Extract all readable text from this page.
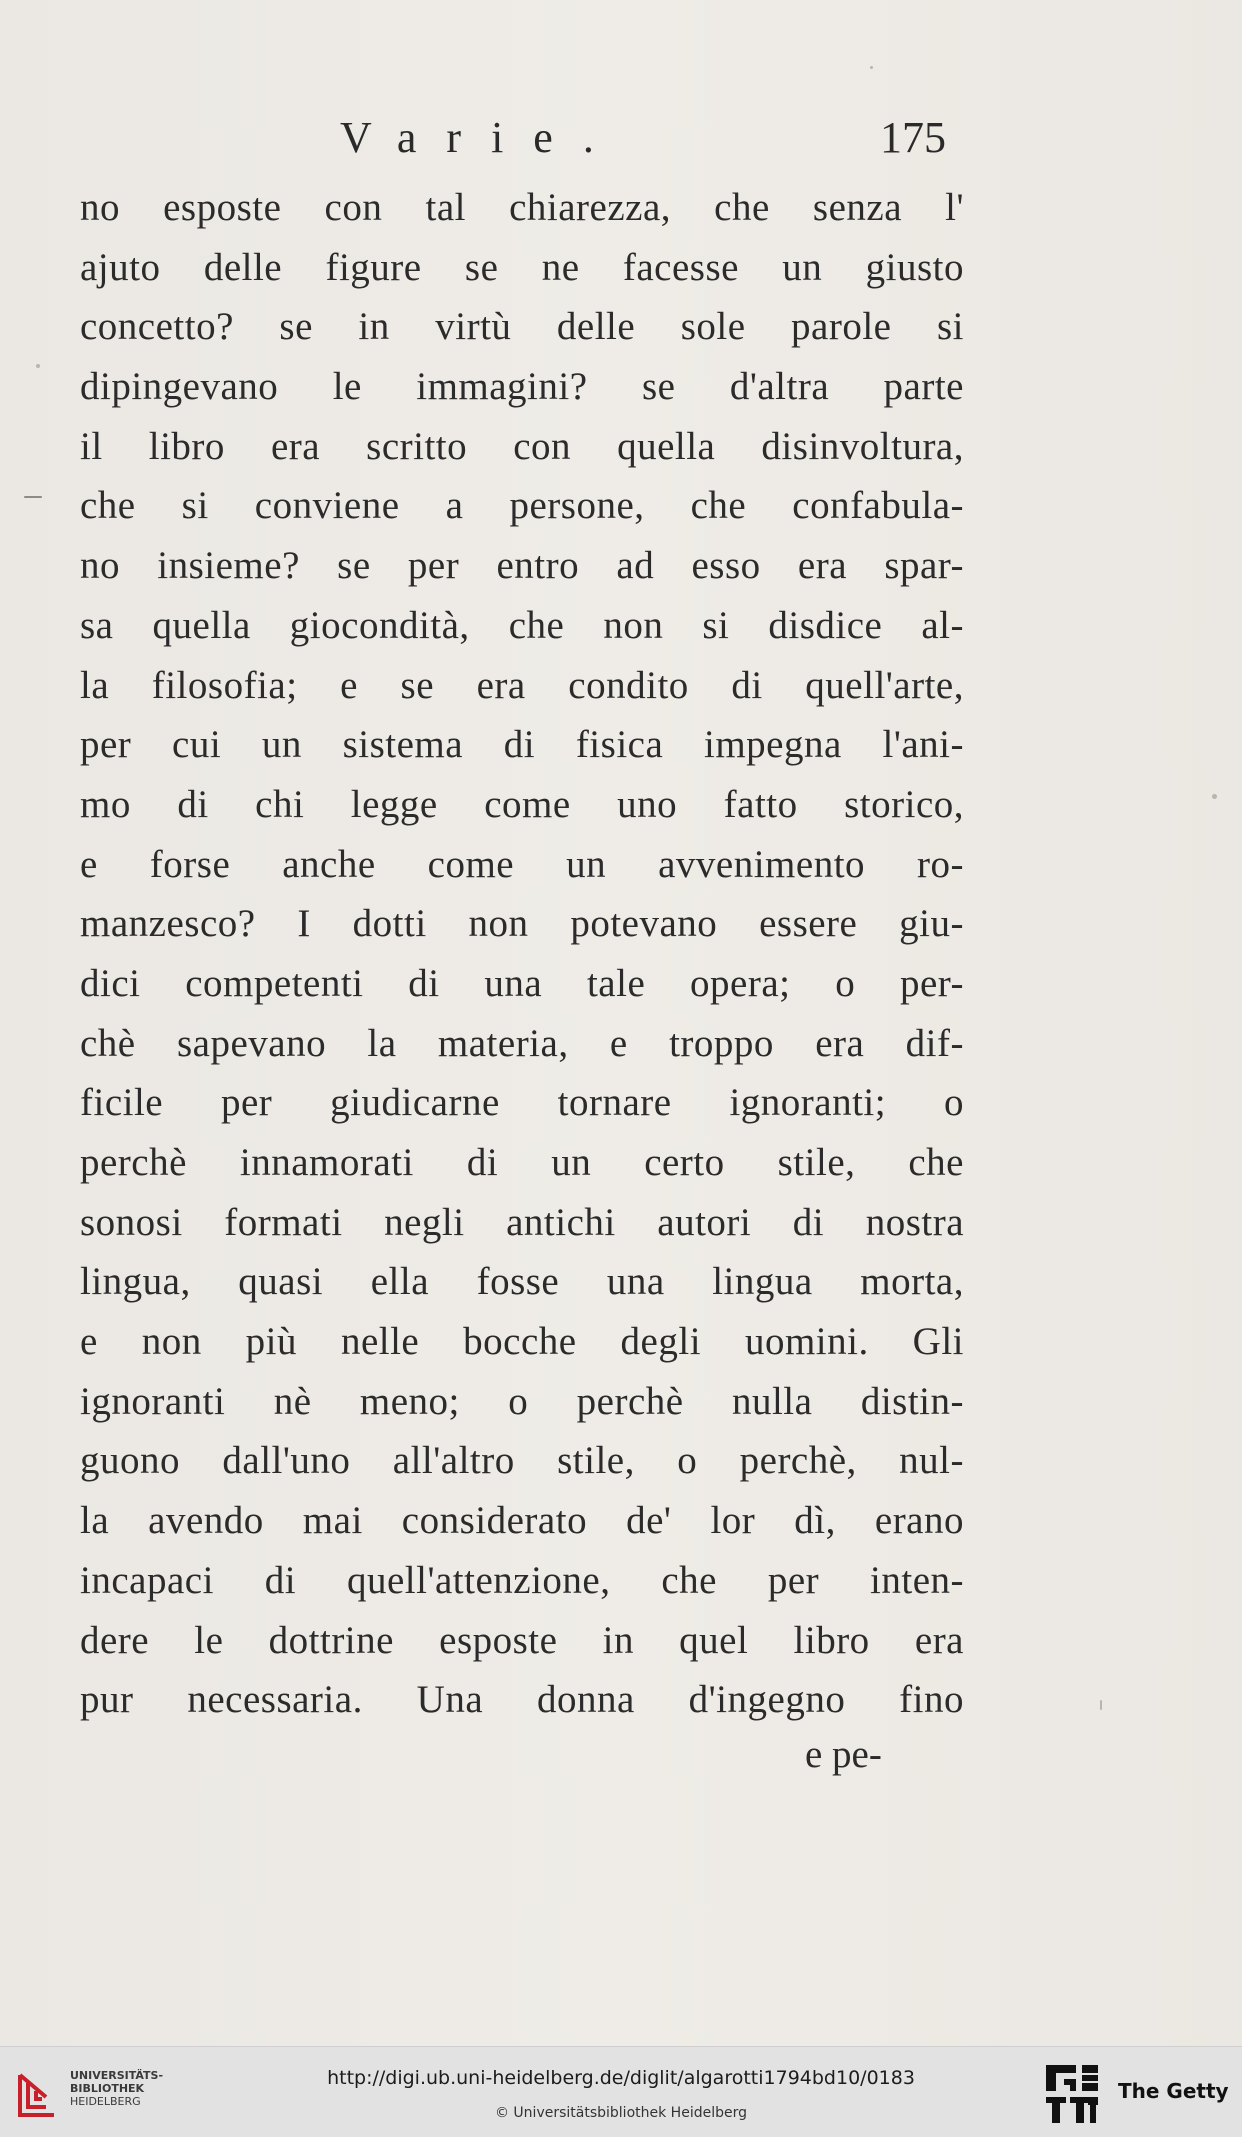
Varie.	175
no esposte con tal chiarezza, che senza l'
ajuto delle figure se ne facesse un giusto
concetto? se in virtù delle sole parole si
dipingevano le immagini? se d'altra parte
il libro era scritto con quella disinvoltura,
che si conviene a persone, che confabula-
no insieme? se per entro ad esso era spar-
sa quella giocondità, che non si disdice al-
la filosofia; e se era condito di quell'arte,
per cui un sistema di fisica impegna l'ani-
mo di chi legge come uno fatto storico,
e forse anche come un avvenimento ro-
manzesco? I dotti non potevano essere giu-
dici competenti di una tale opera; o per-
chè sapevano la materia, e troppo era dif-
ficile per giudicarne tornare ignoranti; o
perchè innamorati di un certo stile, che
sonosi formati negli antichi autori di nostra
lingua, quasi ella fosse una lingua morta,
e non più nelle bocche degli uomini. Gli
ignoranti nè meno; o perchè nulla distin-
guono dall'uno all'altro stile, o perchè, nul-
la avendo mai considerato de' lor dì, erano
incapaci di quell'attenzione, che per inten-
dere le dottrine esposte in quel libro era
pur necessaria. Una donna d'ingegno fino
e pe-
UNIVERSITÄTS-
BIBLIOTHEK
HEIDELBERG
http://digi.ub.uni-heidelberg.de/diglit/algarotti1794bd10/0183
© Universitätsbibliothek Heidelberg
The Getty
